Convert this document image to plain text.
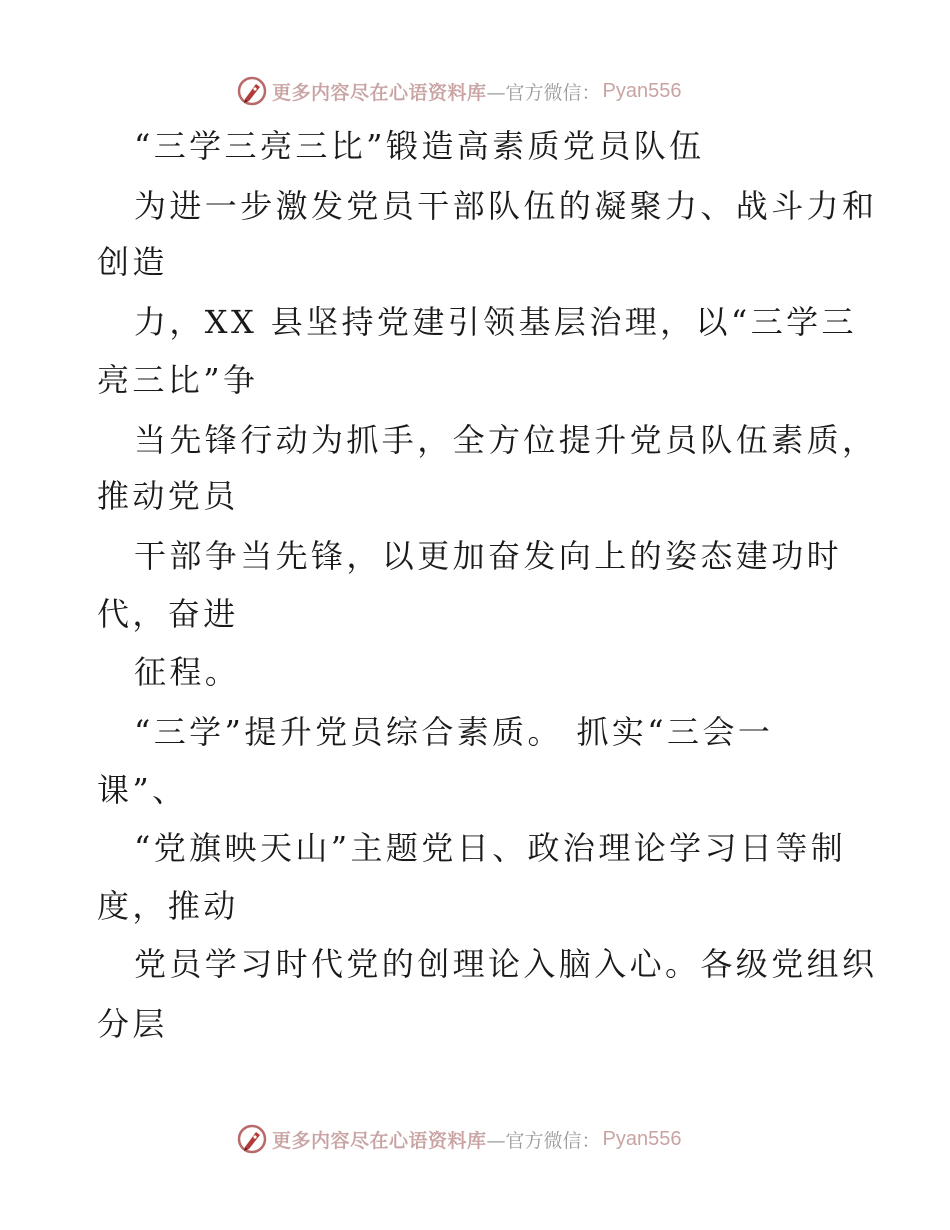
更多内容尽在心语资料库 —官方微信： Pyan556
“三学三亮三比”锻造高素质党员队伍
为进一步激发党员干部队伍的凝聚力、战斗力和
创造
力，XX 县坚持党建引领基层治理，以“三学三
亮三比”争
当先锋行动为抓手，全方位提升党员队伍素质，
推动党员
干部争当先锋，以更加奋发向上的姿态建功时
代，奋进
征程。
“三学”提升党员综合素质。 抓实“三会一
课”、
“党旗映天山”主题党日、政治理论学习日等制
度，推动
党员学习时代党的创理论入脑入心。各级党组织
分层
更多内容尽在心语资料库 —官方微信： Pyan556
